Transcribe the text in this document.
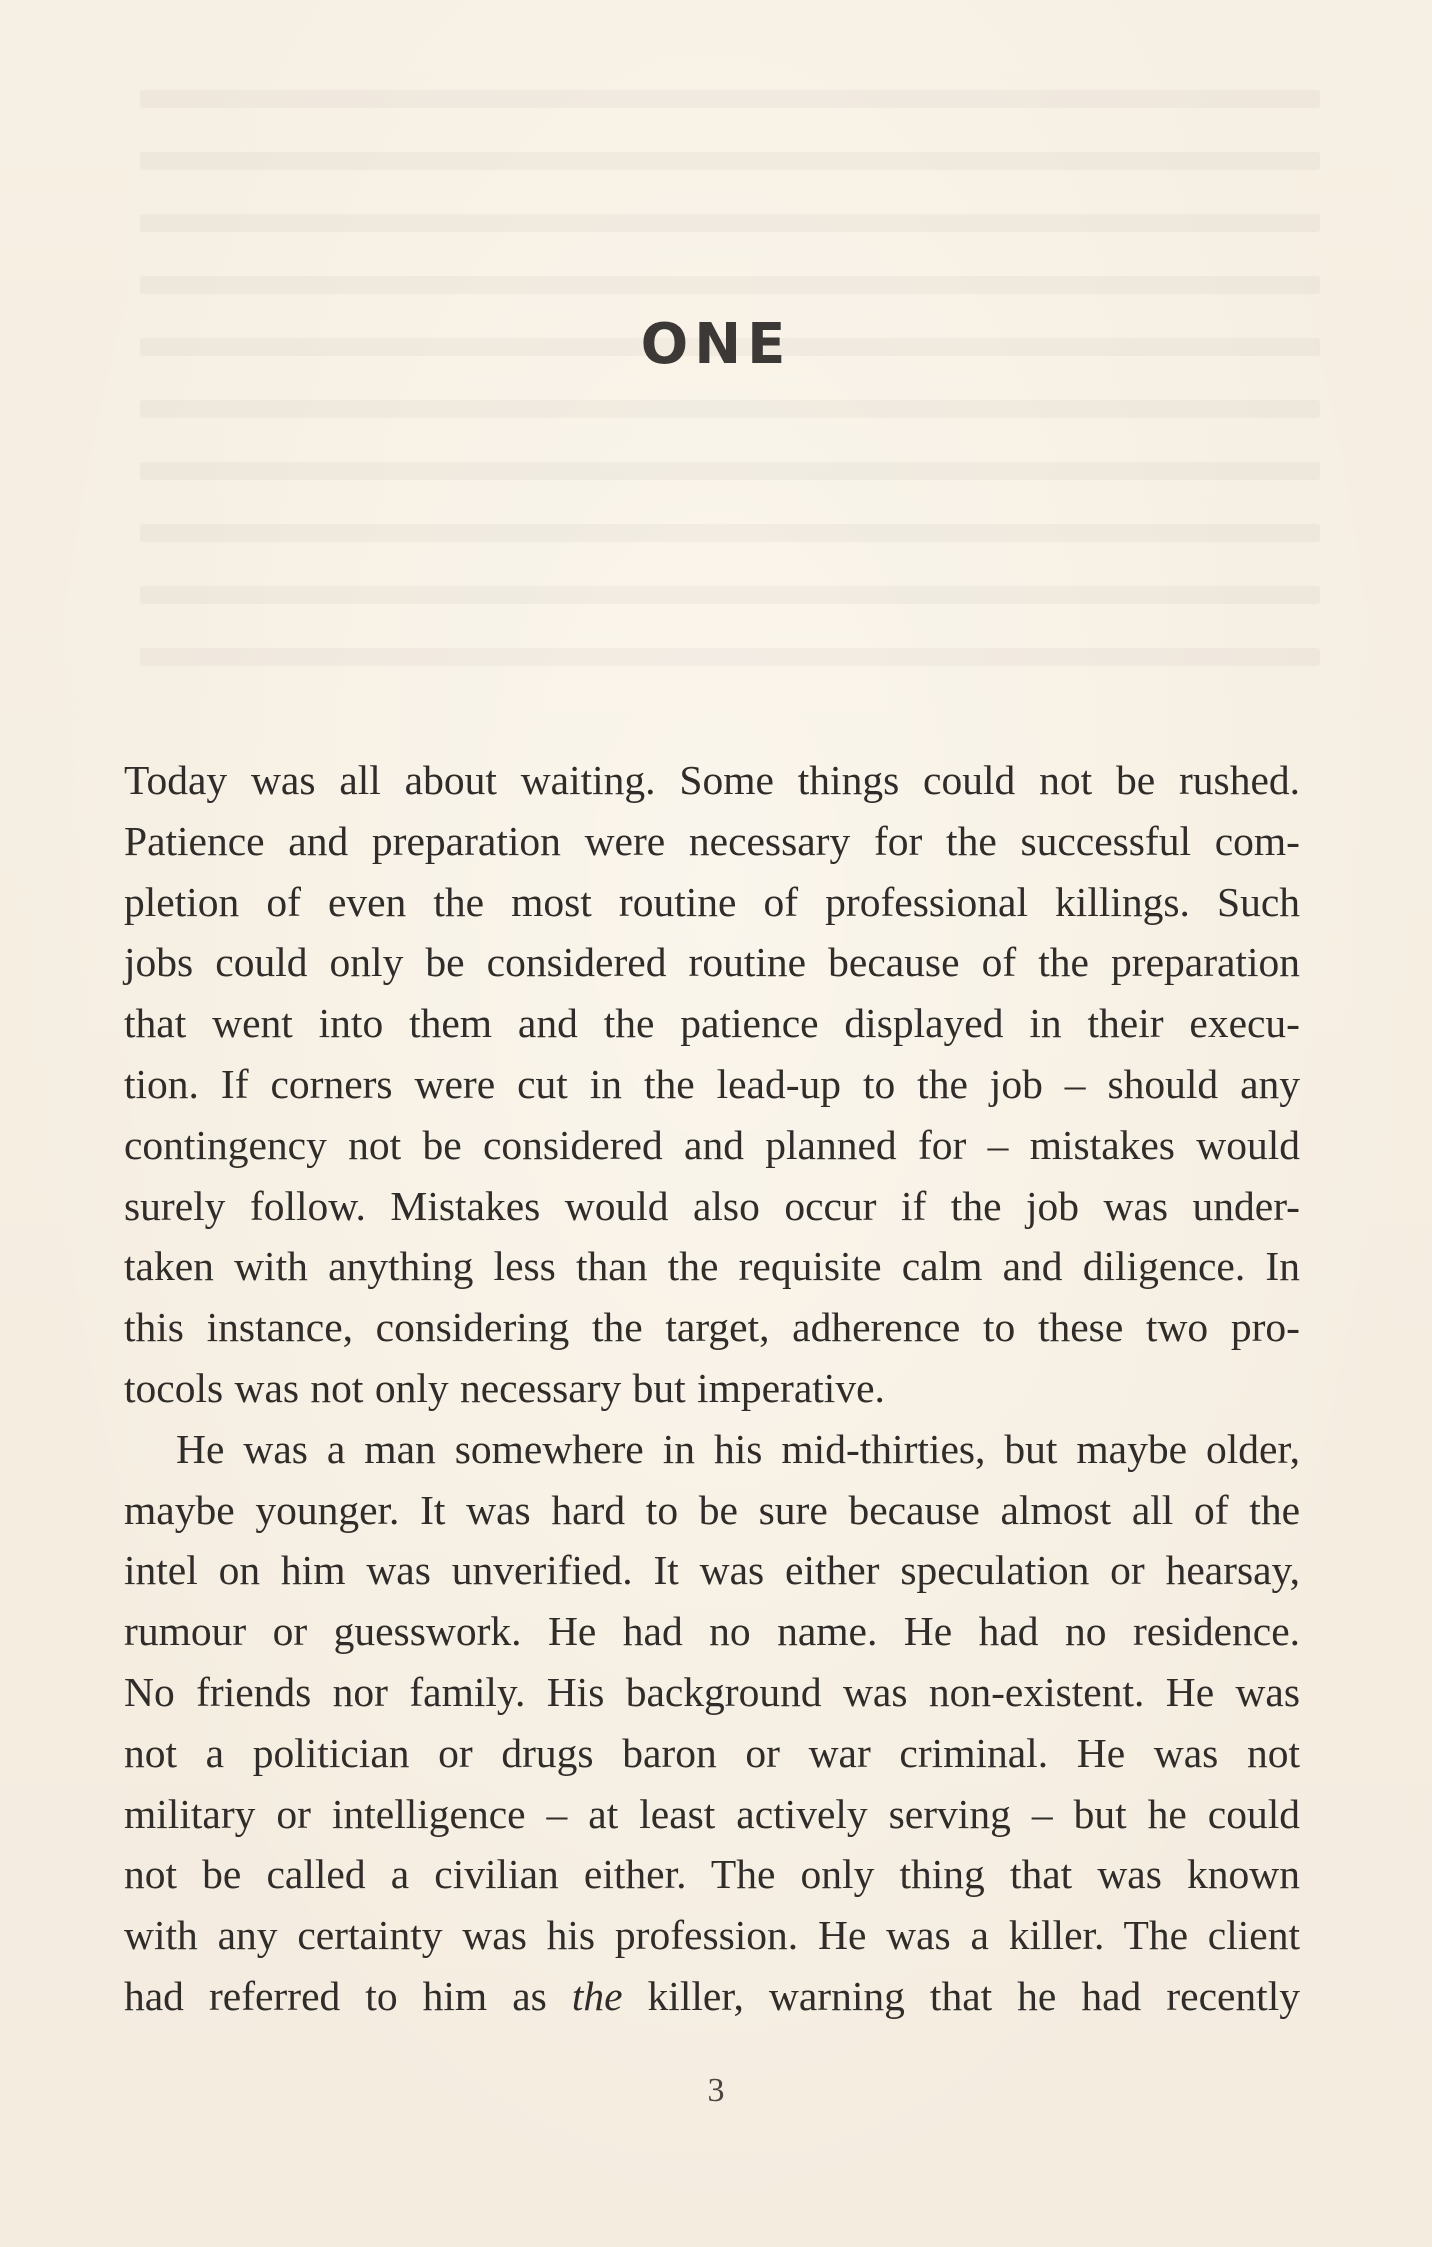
ONE
Today was all about waiting. Some things could not be rushed.
Patience and preparation were necessary for the successful com-
pletion of even the most routine of professional killings. Such
jobs could only be considered routine because of the preparation
that went into them and the patience displayed in their execu-
tion. If corners were cut in the lead-up to the job – should any
contingency not be considered and planned for – mistakes would
surely follow. Mistakes would also occur if the job was under-
taken with anything less than the requisite calm and diligence. In
this instance, considering the target, adherence to these two pro-
tocols was not only necessary but imperative.
He was a man somewhere in his mid-thirties, but maybe older,
maybe younger. It was hard to be sure because almost all of the
intel on him was unverified. It was either speculation or hearsay,
rumour or guesswork. He had no name. He had no residence.
No friends nor family. His background was non-existent. He was
not a politician or drugs baron or war criminal. He was not
military or intelligence – at least actively serving – but he could
not be called a civilian either. The only thing that was known
with any certainty was his profession. He was a killer. The client
had referred to him as the killer, warning that he had recently
3
